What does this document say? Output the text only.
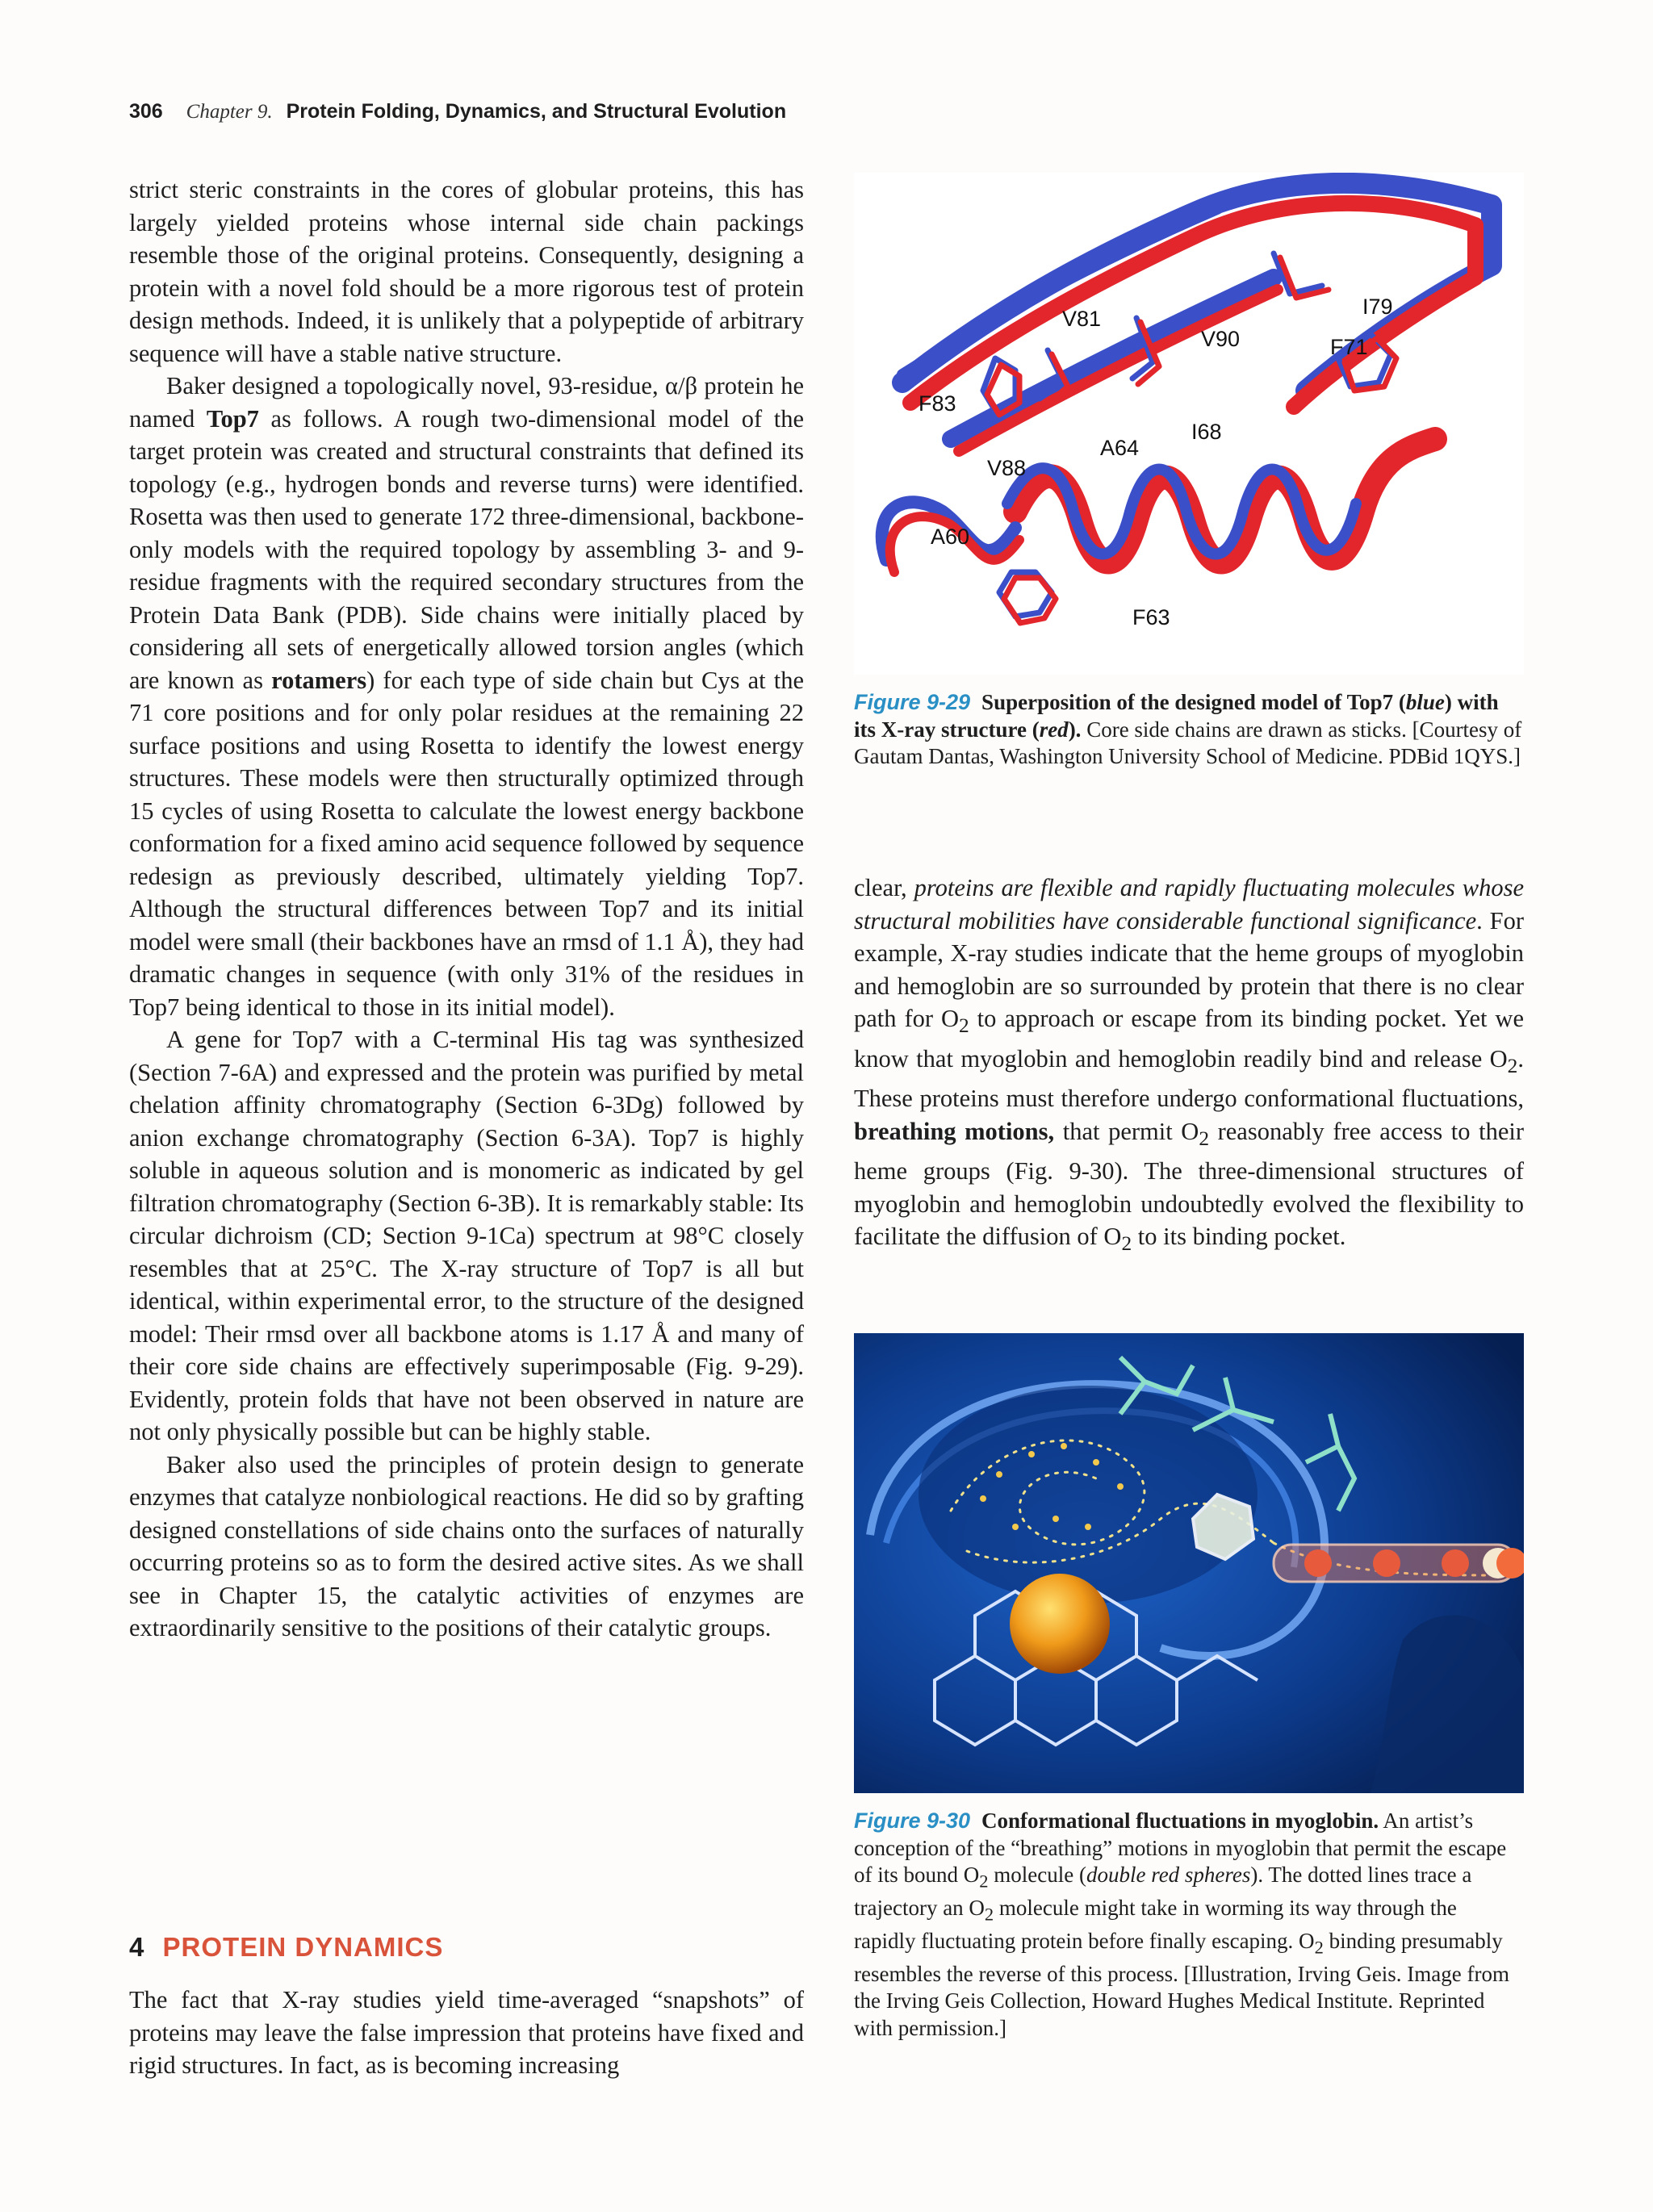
306 Chapter 9. Protein Folding, Dynamics, and Structural Evolution

strict steric constraints in the cores of globular proteins, this has largely yielded proteins whose internal side chain packings resemble those of the original proteins. Consequently, designing a protein with a novel fold should be a more rigorous test of protein design methods. Indeed, it is unlikely that a polypeptide of arbitrary sequence will have a stable native structure.

Baker designed a topologically novel, 93-residue, α/β protein he named Top7 as follows. A rough two-dimensional model of the target protein was created and structural constraints that defined its topology (e.g., hydrogen bonds and reverse turns) were identified. Rosetta was then used to generate 172 three-dimensional, backbone-only models with the required topology by assembling 3- and 9-residue fragments with the required secondary structures from the Protein Data Bank (PDB). Side chains were initially placed by considering all sets of energetically allowed torsion angles (which are known as rotamers) for each type of side chain but Cys at the 71 core positions and for only polar residues at the remaining 22 surface positions and using Rosetta to identify the lowest energy structures. These models were then structurally optimized through 15 cycles of using Rosetta to calculate the lowest energy backbone conformation for a fixed amino acid sequence followed by sequence redesign as previously described, ultimately yielding Top7. Although the structural differences between Top7 and its initial model were small (their backbones have an rmsd of 1.1 Å), they had dramatic changes in sequence (with only 31% of the residues in Top7 being identical to those in its initial model).

A gene for Top7 with a C-terminal His tag was synthesized (Section 7-6A) and expressed and the protein was purified by metal chelation affinity chromatography (Section 6-3Dg) followed by anion exchange chromatography (Section 6-3A). Top7 is highly soluble in aqueous solution and is monomeric as indicated by gel filtration chromatography (Section 6-3B). It is remarkably stable: Its circular dichroism (CD; Section 9-1Ca) spectrum at 98°C closely resembles that at 25°C. The X-ray structure of Top7 is all but identical, within experimental error, to the structure of the designed model: Their rmsd over all backbone atoms is 1.17 Å and many of their core side chains are effectively superimposable (Fig. 9-29). Evidently, protein folds that have not been observed in nature are not only physically possible but can be highly stable.

Baker also used the principles of protein design to generate enzymes that catalyze nonbiological reactions. He did so by grafting designed constellations of side chains onto the surfaces of naturally occurring proteins so as to form the desired active sites. As we shall see in Chapter 15, the catalytic activities of enzymes are extraordinarily sensitive to the positions of their catalytic groups.

4 PROTEIN DYNAMICS

The fact that X-ray studies yield time-averaged “snapshots” of proteins may leave the false impression that proteins have fixed and rigid structures. In fact, as is becoming increasing

I79
V81
V90	F71
F83
I68
A64
V88
A60
F63
Figure 9-29 Superposition of the designed model of Top7 (blue) with its X-ray structure (red). Core side chains are drawn as sticks. [Courtesy of Gautam Dantas, Washington University School of Medicine. PDBid 1QYS.]

clear, proteins are flexible and rapidly fluctuating molecules whose structural mobilities have considerable functional significance. For example, X-ray studies indicate that the heme groups of myoglobin and hemoglobin are so surrounded by protein that there is no clear path for $O_2$ to approach or escape from its binding pocket. Yet we know that myoglobin and hemoglobin readily bind and release $O_2$. These proteins must therefore undergo conformational fluctuations, breathing motions, that permit $O_2$ reasonably free access to their heme groups (Fig. 9-30). The three-dimensional structures of myoglobin and hemoglobin undoubtedly evolved the flexibility to facilitate the diffusion of $O_2$ to its binding pocket.

Figure 9-30 Conformational fluctuations in myoglobin. An artist’s conception of the “breathing” motions in myoglobin that permit the escape of its bound $O_2$ molecule (double red spheres). The dotted lines trace a trajectory an $O_2$ molecule might take in worming its way through the rapidly fluctuating protein before finally escaping. $O_2$ binding presumably resembles the reverse of this process. [Illustration, Irving Geis. Image from the Irving Geis Collection, Howard Hughes Medical Institute. Reprinted with permission.]
